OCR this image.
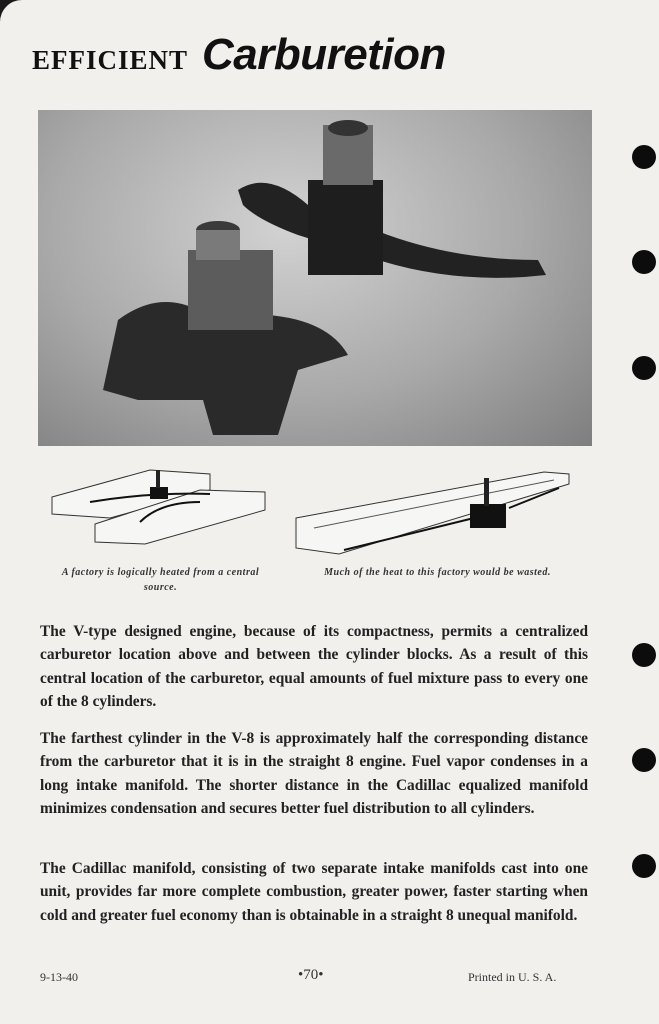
EFFICIENT Carburetion
A factory is logically heated from a central source.
Much of the heat to this factory would be wasted.

The V-type designed engine, because of its compactness, permits a centralized carburetor location above and between the cylinder blocks. As a result of this central location of the carburetor, equal amounts of fuel mixture pass to every one of the 8 cylinders.

The farthest cylinder in the V-8 is approximately half the corresponding distance from the carburetor that it is in the straight 8 engine. Fuel vapor condenses in a long intake manifold. The shorter distance in the Cadillac equalized manifold minimizes condensation and secures better fuel distribution to all cylinders.

The Cadillac manifold, consisting of two separate intake manifolds cast into one unit, provides far more complete combustion, greater power, faster starting when cold and greater fuel economy than is obtainable in a straight 8 unequal manifold.

9-13-40	•70•	Printed in U. S. A.
